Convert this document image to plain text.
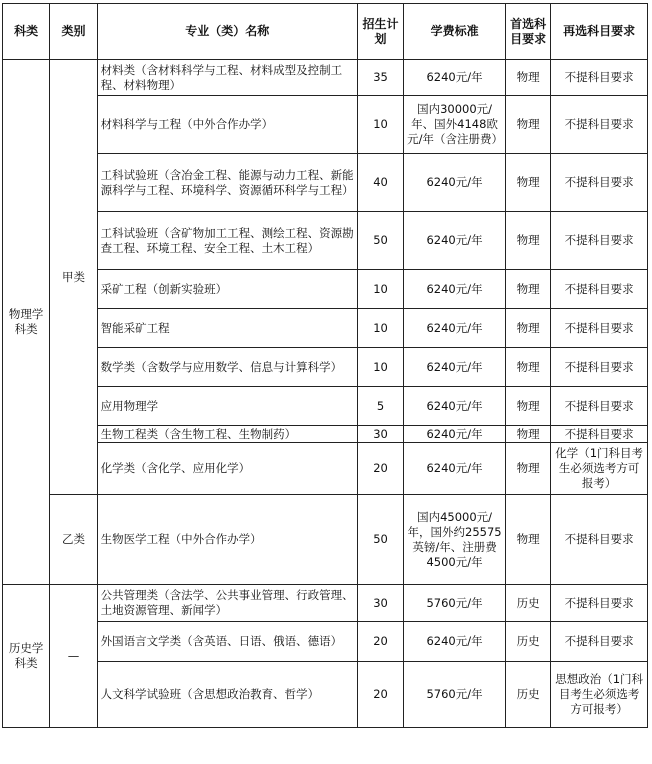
科类	类别	专业（类）名称	招生计划	学费标准	首选科目要求	再选科目要求
物理学科类	甲类	材料类（含材料科学与工程、材料成型及控制工程、材料物理）	35	6240元/年	物理	不提科目要求
		材料科学与工程（中外合作办学）	10	国内30000元/年、国外4148欧元/年（含注册费）	物理	不提科目要求
		工科试验班（含冶金工程、能源与动力工程、新能源科学与工程、环境科学、资源循环科学与工程）	40	6240元/年	物理	不提科目要求
		工科试验班（含矿物加工工程、测绘工程、资源勘查工程、环境工程、安全工程、土木工程）	50	6240元/年	物理	不提科目要求
		采矿工程（创新实验班）	10	6240元/年	物理	不提科目要求
		智能采矿工程	10	6240元/年	物理	不提科目要求
		数学类（含数学与应用数学、信息与计算科学）	10	6240元/年	物理	不提科目要求
		应用物理学	5	6240元/年	物理	不提科目要求
		生物工程类（含生物工程、生物制药）	30	6240元/年	物理	不提科目要求
		化学类（含化学、应用化学）	20	6240元/年	物理	化学（1门科目考生必须选考方可报考）
	乙类	生物医学工程（中外合作办学）	50	国内45000元/年，国外约25575英镑/年、注册费4500元/年	物理	不提科目要求
历史学科类	—	公共管理类（含法学、公共事业管理、行政管理、土地资源管理、新闻学）	30	5760元/年	历史	不提科目要求
		外国语言文学类（含英语、日语、俄语、德语）	20	6240元/年	历史	不提科目要求
		人文科学试验班（含思想政治教育、哲学）	20	5760元/年	历史	思想政治（1门科目考生必须选考方可报考）
